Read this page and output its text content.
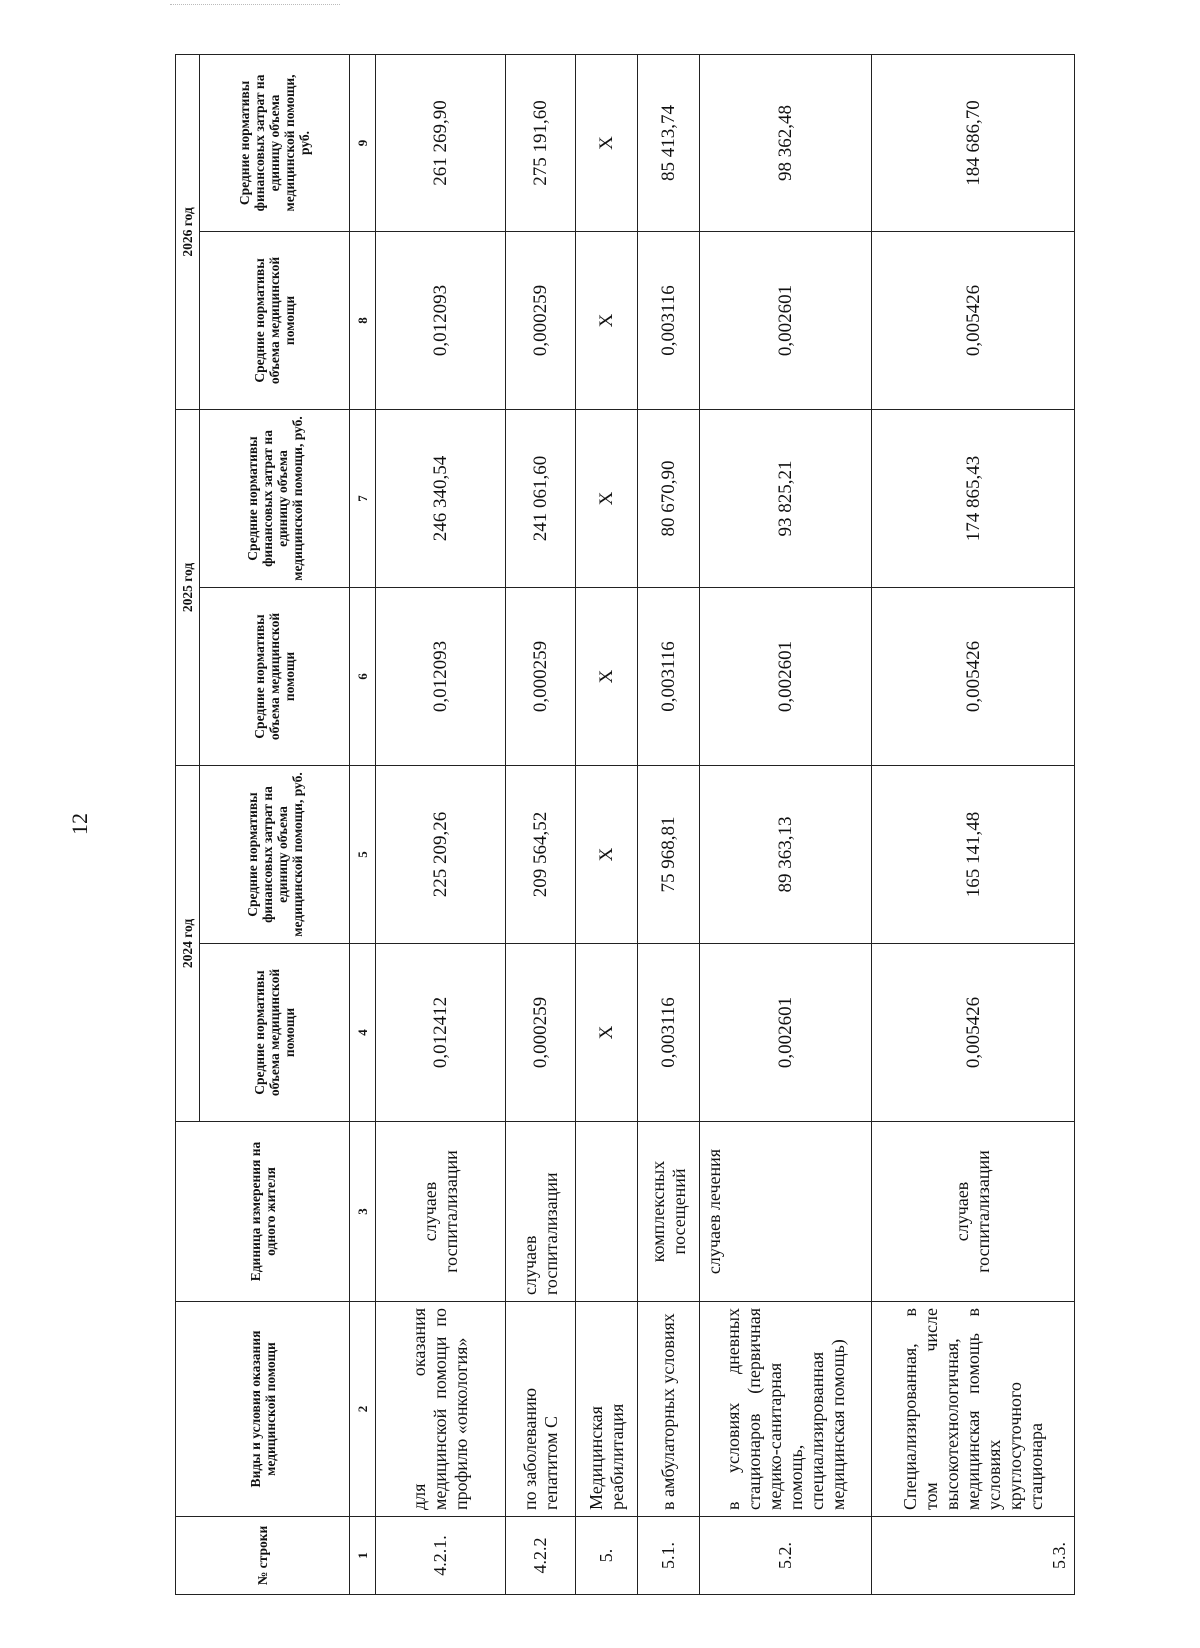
12
№ строки	Виды и условия оказания медицинской помощи	Единица измерения на одного жителя	2024 год		2025 год		2026 год	
			Средние нормативы объема медицинской помощи	Средние нормативы финансовых затрат на единицу объема медицинской помощи, руб.	Средние нормативы объема медицинской помощи	Средние нормативы финансовых затрат на единицу объема медицинской помощи, руб.	Средние нормативы объема медицинской помощи	Средние нормативы финансовых затрат на единицу объема медицинской помощи, руб.
1	2	3	4	5	6	7	8	9
4.2.1.	для оказания медицинской помощи по профилю «онкология»	случаев госпитализации	0,012412	225 209,26	0,012093	246 340,54	0,012093	261 269,90
4.2.2	по заболеванию гепатитом С	случаев госпитализации	0,000259	209 564,52	0,000259	241 061,60	0,000259	275 191,60
5.	Медицинская реабилитация		X	X	X	X	X	X
5.1.	в амбулаторных условиях	комплексных посещений	0,003116	75 968,81	0,003116	80 670,90	0,003116	85 413,74
5.2.	в условиях дневных стационаров (первичная медико-санитарная помощь, специализированная медицинская помощь)	случаев лечения	0,002601	89 363,13	0,002601	93 825,21	0,002601	98 362,48
5.3.	Специализированная, в том числе высокотехнологичная, медицинская помощь в условиях круглосуточного стационара	случаев госпитализации	0,005426	165 141,48	0,005426	174 865,43	0,005426	184 686,70
